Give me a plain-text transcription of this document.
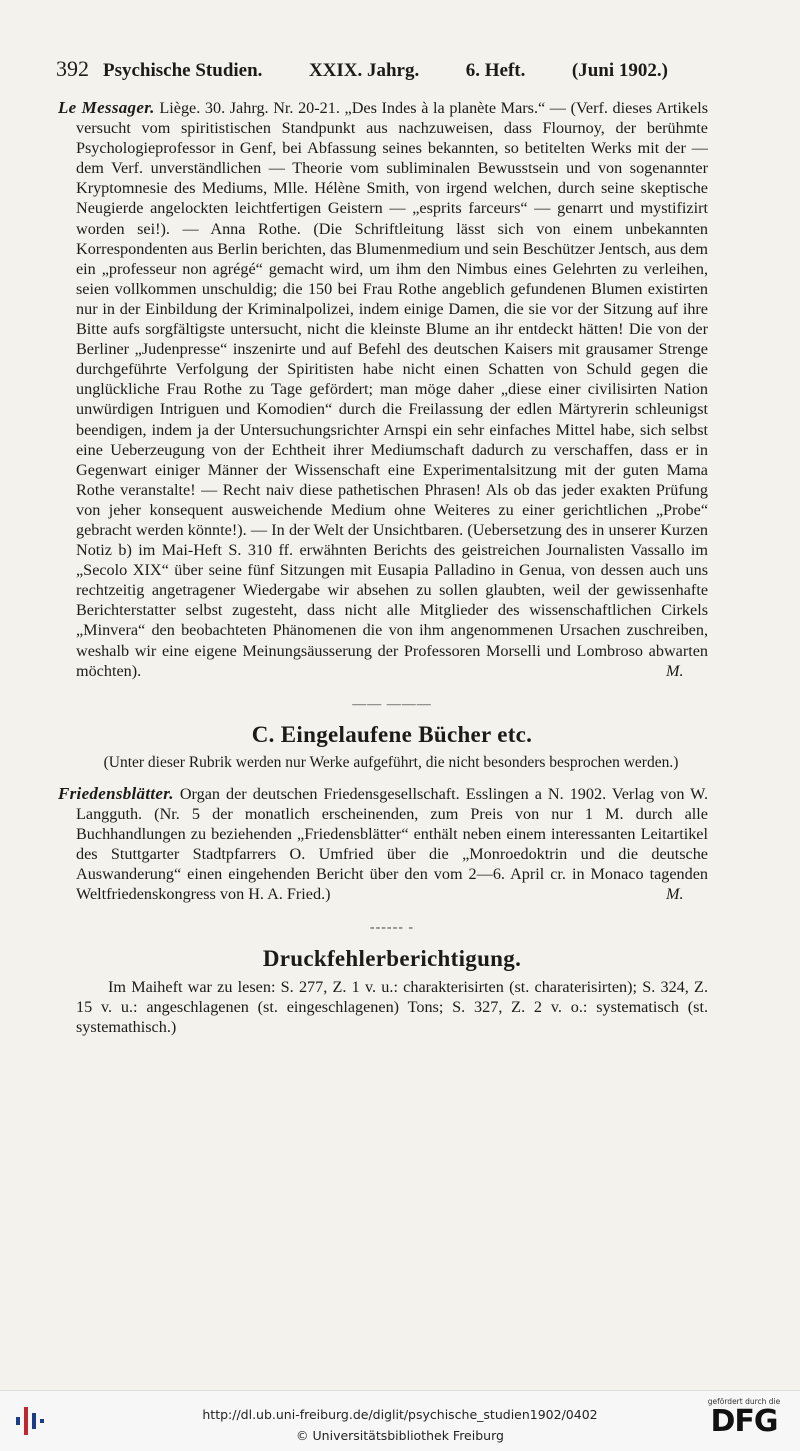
392 Psychische Studien. XXIX. Jahrg. 6. Heft. (Juni 1902.)

Le Messager. Liège. 30. Jahrg. Nr. 20-21. „Des Indes à la planète Mars.“ — (Verf. dieses Artikels versucht vom spiritistischen Standpunkt aus nachzuweisen, dass Flournoy, der berühmte Psychologieprofessor in Genf, bei Abfassung seines bekannten, so betitelten Werks mit der — dem Verf. unverständlichen — Theorie vom subliminalen Bewusstsein und von sogenannter Kryptomnesie des Mediums, Mlle. Hélène Smith, von irgend welchen, durch seine skeptische Neugierde angelockten leichtfertigen Geistern — „esprits farceurs“ — genarrt und mystifizirt worden sei!). — Anna Rothe. (Die Schriftleitung lässt sich von einem unbekannten Korrespondenten aus Berlin berichten, das Blumenmedium und sein Beschützer Jentsch, aus dem ein „professeur non agrégé“ gemacht wird, um ihm den Nimbus eines Gelehrten zu verleihen, seien vollkommen unschuldig; die 150 bei Frau Rothe angeblich gefundenen Blumen existirten nur in der Einbildung der Kriminalpolizei, indem einige Damen, die sie vor der Sitzung auf ihre Bitte aufs sorgfältigste untersucht, nicht die kleinste Blume an ihr entdeckt hätten! Die von der Berliner „Judenpresse“ inszenirte und auf Befehl des deutschen Kaisers mit grausamer Strenge durchgeführte Verfolgung der Spiritisten habe nicht einen Schatten von Schuld gegen die unglückliche Frau Rothe zu Tage gefördert; man möge daher „diese einer civilisirten Nation unwürdigen Intriguen und Komodien“ durch die Freilassung der edlen Märtyrerin schleunigst beendigen, indem ja der Untersuchungsrichter Arnspi ein sehr einfaches Mittel habe, sich selbst eine Ueberzeugung von der Echtheit ihrer Mediumschaft dadurch zu verschaffen, dass er in Gegenwart einiger Männer der Wissenschaft eine Experimentalsitzung mit der guten Mama Rothe veranstalte! — Recht naiv diese pathetischen Phrasen! Als ob das jeder exakten Prüfung von jeher konsequent ausweichende Medium ohne Weiteres zu einer gerichtlichen „Probe“ gebracht werden könnte!). — In der Welt der Unsichtbaren. (Uebersetzung des in unserer Kurzen Notiz b) im Mai-Heft S. 310 ff. erwähnten Berichts des geistreichen Journalisten Vassallo im „Secolo XIX“ über seine fünf Sitzungen mit Eusapia Palladino in Genua, von dessen auch uns rechtzeitig angetragener Wiedergabe wir absehen zu sollen glaubten, weil der gewissenhafte Berichterstatter selbst zugesteht, dass nicht alle Mitglieder des wissenschaftlichen Cirkels „Minvera“ den beobachteten Phänomenen die von ihm angenommenen Ursachen zuschreiben, weshalb wir eine eigene Meinungsäusserung der Professoren Morselli und Lombroso abwarten möchten).	M.

—— ———
C. Eingelaufene Bücher etc.
(Unter dieser Rubrik werden nur Werke aufgeführt, die nicht besonders besprochen werden.)

Friedensblätter. Organ der deutschen Friedensgesellschaft. Esslingen a N. 1902. Verlag von W. Langguth. (Nr. 5 der monatlich erscheinenden, zum Preis von nur 1 M. durch alle Buchhandlungen zu beziehenden „Friedensblätter“ enthält neben einem interessanten Leitartikel des Stuttgarter Stadtpfarrers O. Umfried über die „Monroedoktrin und die deutsche Auswanderung“ einen eingehenden Bericht über den vom 2—6. April cr. in Monaco tagenden Weltfriedenskongress von H. A. Fried.)	M.

------ -
Druckfehlerberichtigung.

Im Maiheft war zu lesen: S. 277, Z. 1 v. u.: charakterisirten (st. charaterisirten); S. 324, Z. 15 v. u.: angeschlagenen (st. eingeschlagenen) Tons; S. 327, Z. 2 v. o.: systematisch (st. systemathisch.)

http://dl.ub.uni-freiburg.de/diglit/psychische_studien1902/0402
© Universitätsbibliothek Freiburg
gefördert durch die
DFG
